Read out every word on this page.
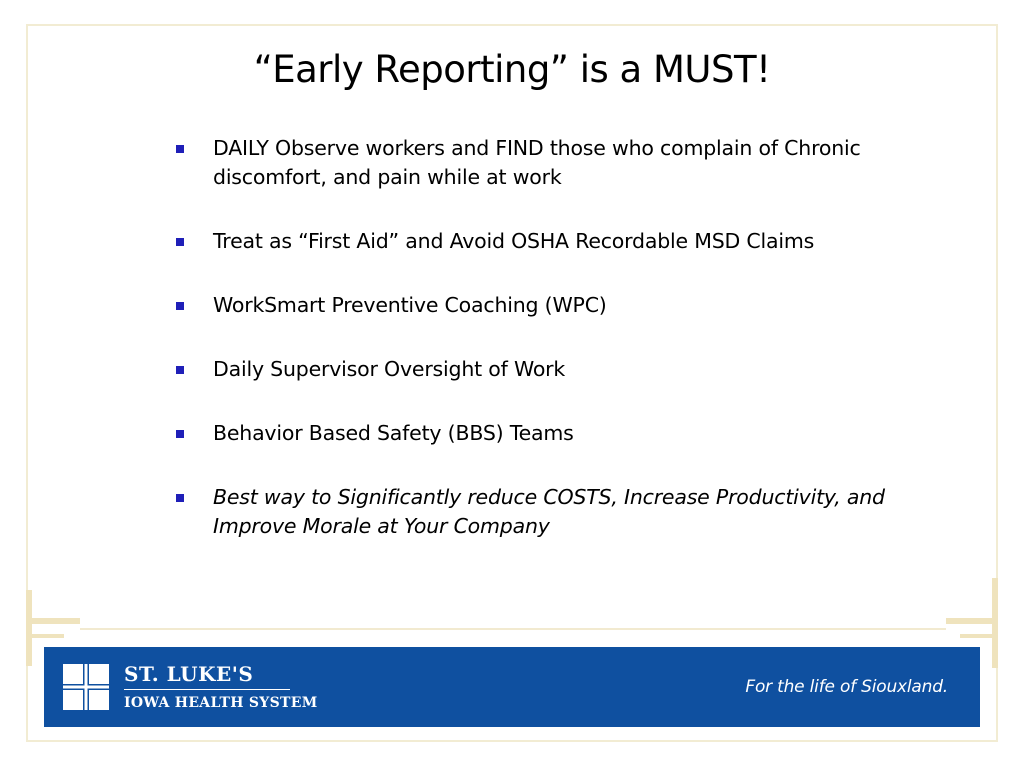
“Early Reporting” is a MUST!
DAILY Observe workers and FIND those who complain of Chronic discomfort, and pain while at work
Treat as “First Aid” and Avoid OSHA Recordable MSD Claims
WorkSmart Preventive Coaching (WPC)
Daily Supervisor Oversight of Work
Behavior Based Safety (BBS) Teams
Best way to Significantly reduce COSTS, Increase Productivity, and Improve Morale at Your Company
ST. LUKE'S
IOWA HEALTH SYSTEM
For the life of Siouxland.
